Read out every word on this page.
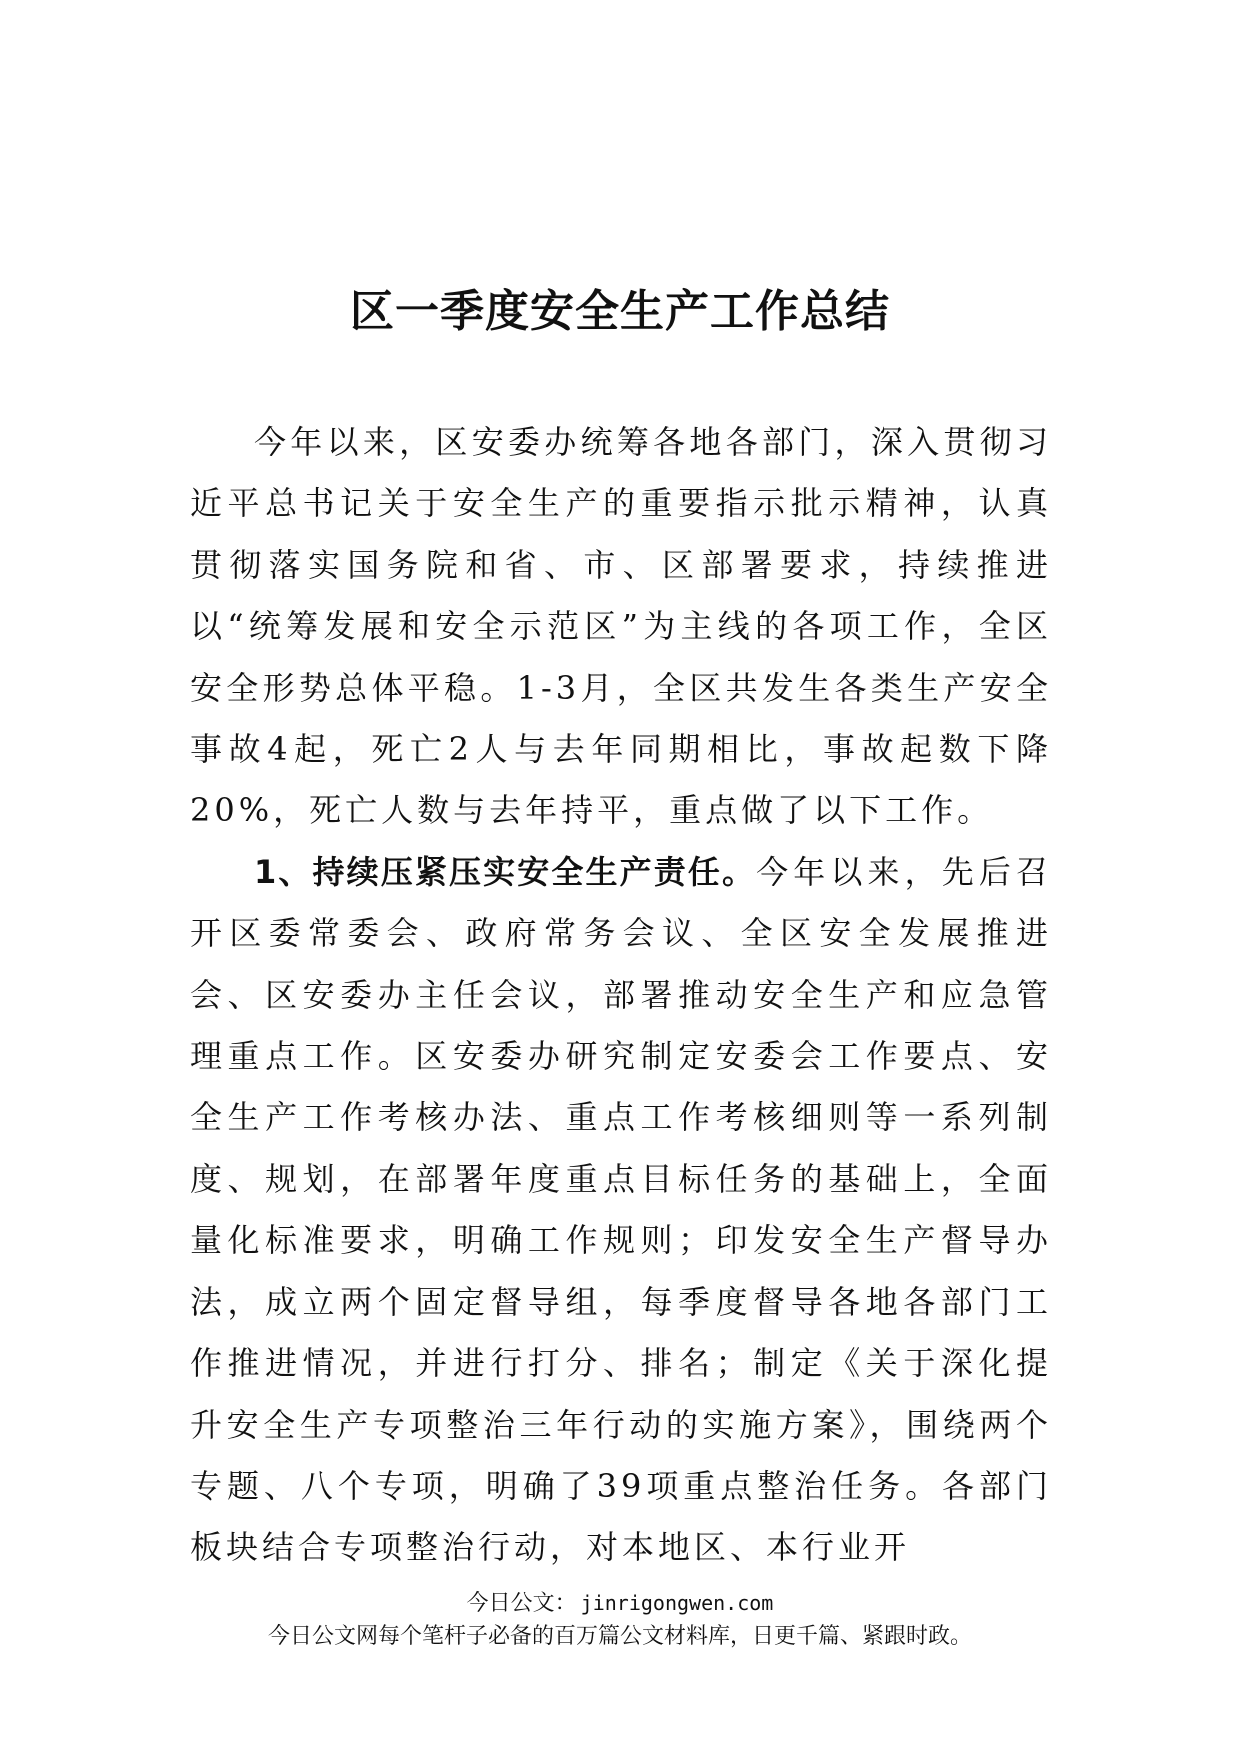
区一季度安全生产工作总结

今年以来，区安委办统筹各地各部门，深入贯彻习近平总书记关于安全生产的重要指示批示精神，认真贯彻落实国务院和省、市、区部署要求，持续推进以“统筹发展和安全示范区”为主线的各项工作，全区安全形势总体平稳。1-3月，全区共发生各类生产安全事故4起，死亡2人与去年同期相比，事故起数下降20%，死亡人数与去年持平，重点做了以下工作。

1、持续压紧压实安全生产责任。今年以来，先后召开区委常委会、政府常务会议、全区安全发展推进会、区安委办主任会议，部署推动安全生产和应急管理重点工作。区安委办研究制定安委会工作要点、安全生产工作考核办法、重点工作考核细则等一系列制度、规划，在部署年度重点目标任务的基础上，全面量化标准要求，明确工作规则；印发安全生产督导办法，成立两个固定督导组，每季度督导各地各部门工作推进情况，并进行打分、排名；制定《关于深化提升安全生产专项整治三年行动的实施方案》，围绕两个专题、八个专项，明确了39项重点整治任务。各部门板块结合专项整治行动，对本地区、本行业开

今日公文： jinrigongwen.com
今日公文网每个笔杆子必备的百万篇公文材料库，日更千篇、紧跟时政。
